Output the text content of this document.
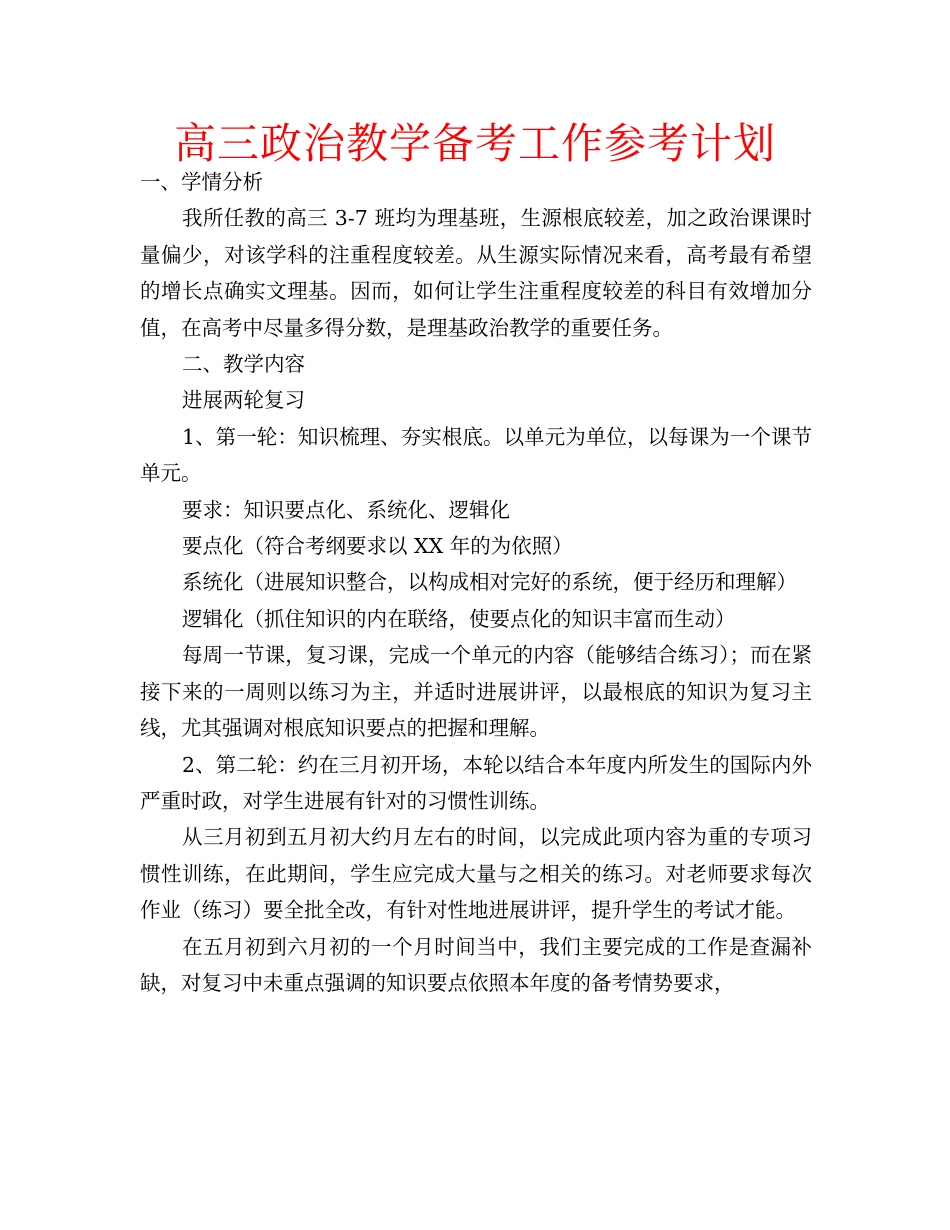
高三政治教学备考工作参考计划

一、学情分析

我所任教的高三 3-7 班均为理基班，生源根底较差，加之政治课课时量偏少，对该学科的注重程度较差。从生源实际情况来看，高考最有希望的增长点确实文理基。因而，如何让学生注重程度较差的科目有效增加分值，在高考中尽量多得分数，是理基政治教学的重要任务。

二、教学内容

进展两轮复习

1、第一轮：知识梳理、夯实根底。以单元为单位，以每课为一个课节单元。

要求：知识要点化、系统化、逻辑化

要点化（符合考纲要求以 XX 年的为依照）

系统化（进展知识整合，以构成相对完好的系统，便于经历和理解）

逻辑化（抓住知识的内在联络，使要点化的知识丰富而生动）

每周一节课，复习课，完成一个单元的内容（能够结合练习）；而在紧接下来的一周则以练习为主，并适时进展讲评，以最根底的知识为复习主线，尤其强调对根底知识要点的把握和理解。

2、第二轮：约在三月初开场，本轮以结合本年度内所发生的国际内外严重时政，对学生进展有针对的习惯性训练。

从三月初到五月初大约月左右的时间，以完成此项内容为重的专项习惯性训练，在此期间，学生应完成大量与之相关的练习。对老师要求每次作业（练习）要全批全改，有针对性地进展讲评，提升学生的考试才能。

在五月初到六月初的一个月时间当中，我们主要完成的工作是查漏补缺，对复习中未重点强调的知识要点依照本年度的备考情势要求，
